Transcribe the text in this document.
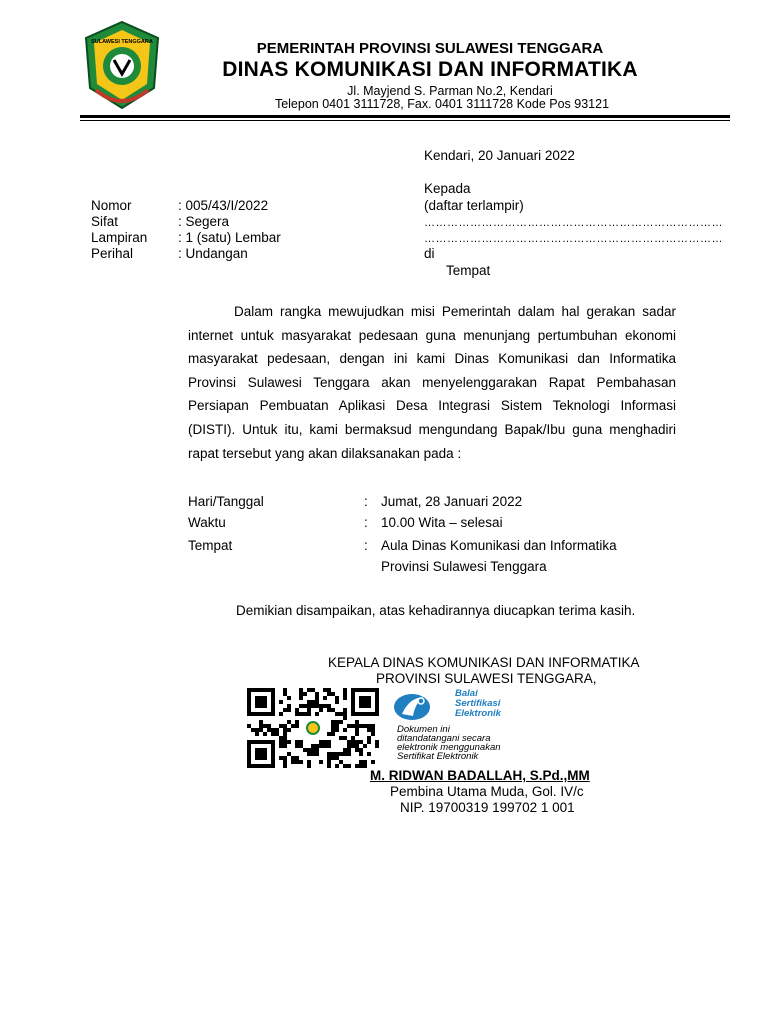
SULAWESI TENGGARA	PEMERINTAH PROVINSI SULAWESI TENGGARA
DINAS KOMUNIKASI DAN INFORMATIKA
Jl. Mayjend S. Parman No.2, Kendari
Telepon 0401 3111728, Fax. 0401 3111728 Kode Pos 93121
Kendari, 20 Januari 2022
Kepada
(daftar terlampir)
……………………………………………………………………
……………………………………………………………………
di
Tempat
Nomor	: 005/43/I/2022
Sifat	: Segera
Lampiran : 1 (satu) Lembar
Perihal	: Undangan
Dalam rangka mewujudkan misi Pemerintah dalam hal gerakan sadar internet untuk masyarakat pedesaan guna menunjang pertumbuhan ekonomi masyarakat pedesaan, dengan ini kami Dinas Komunikasi dan Informatika Provinsi Sulawesi Tenggara akan menyelenggarakan Rapat Pembahasan Persiapan Pembuatan Aplikasi Desa Integrasi Sistem Teknologi Informasi (DISTI). Untuk itu, kami bermaksud mengundang Bapak/Ibu guna menghadiri rapat tersebut yang akan dilaksanakan pada :
Hari/Tanggal	: Jumat, 28 Januari 2022
Waktu	: 10.00 Wita – selesai
Tempat	: Aula Dinas Komunikasi dan Informatika
Provinsi Sulawesi Tenggara
Demikian disampaikan, atas kehadirannya diucapkan terima kasih.
KEPALA DINAS KOMUNIKASI DAN INFORMATIKA
PROVINSI SULAWESI TENGGARA,
Balai
Sertifikasi
Elektronik
Dokumen ini
ditandatangani secara
elektronik menggunakan
Sertifikat Elektronik
M. RIDWAN BADALLAH, S.Pd.,MM
Pembina Utama Muda, Gol. IV/c
NIP. 19700319 199702 1 001
